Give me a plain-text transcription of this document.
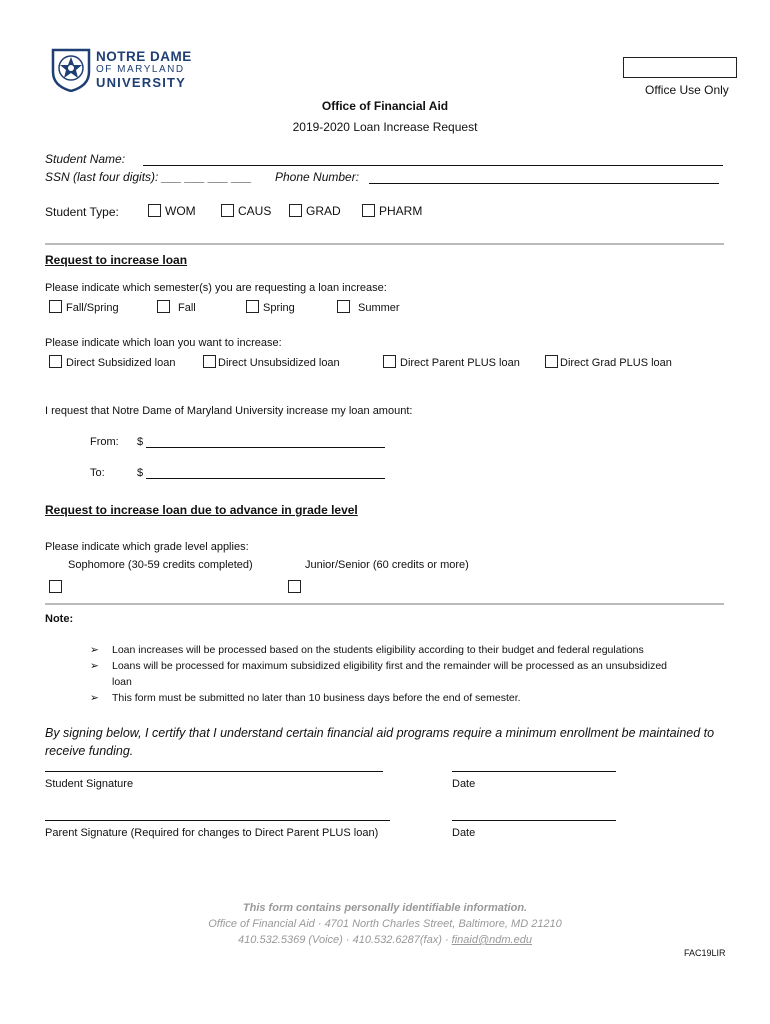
NOTRE DAME
OF MARYLAND
UNIVERSITY	Office Use Only
Office of Financial Aid
2019-2020 Loan Increase Request
Student Name:
SSN (last four digits): ___ ___ ___ ___ Phone Number:
Student Type:	WOM	CAUS	GRAD	PHARM
Request to increase loan
Please indicate which semester(s) you are requesting a loan increase:
Fall/Spring	Fall	Spring	Summer
Please indicate which loan you want to increase:
Direct Subsidized loan	Direct Unsubsidized loan	Direct Parent PLUS loan	Direct Grad PLUS loan
I request that Notre Dame of Maryland University increase my loan amount:
From: $
To:	$
Request to increase loan due to advance in grade level
Please indicate which grade level applies:
Sophomore (30-59 credits completed)	Junior/Senior (60 credits or more)
Note:
➢ Loan increases will be processed based on the students eligibility according to their budget and federal regulations
➢ Loans will be processed for maximum subsidized eligibility first and the remainder will be processed as an unsubsidized
loan
➢ This form must be submitted no later than 10 business days before the end of semester.
By signing below, I certify that I understand certain financial aid programs require a minimum enrollment be maintained to receive funding.
Student Signature	Date
Parent Signature (Required for changes to Direct Parent PLUS loan)	Date
This form contains personally identifiable information.
Office of Financial Aid · 4701 North Charles Street, Baltimore, MD 21210
410.532.5369 (Voice) · 410.532.6287(fax) · finaid@ndm.edu
FAC19LIR
